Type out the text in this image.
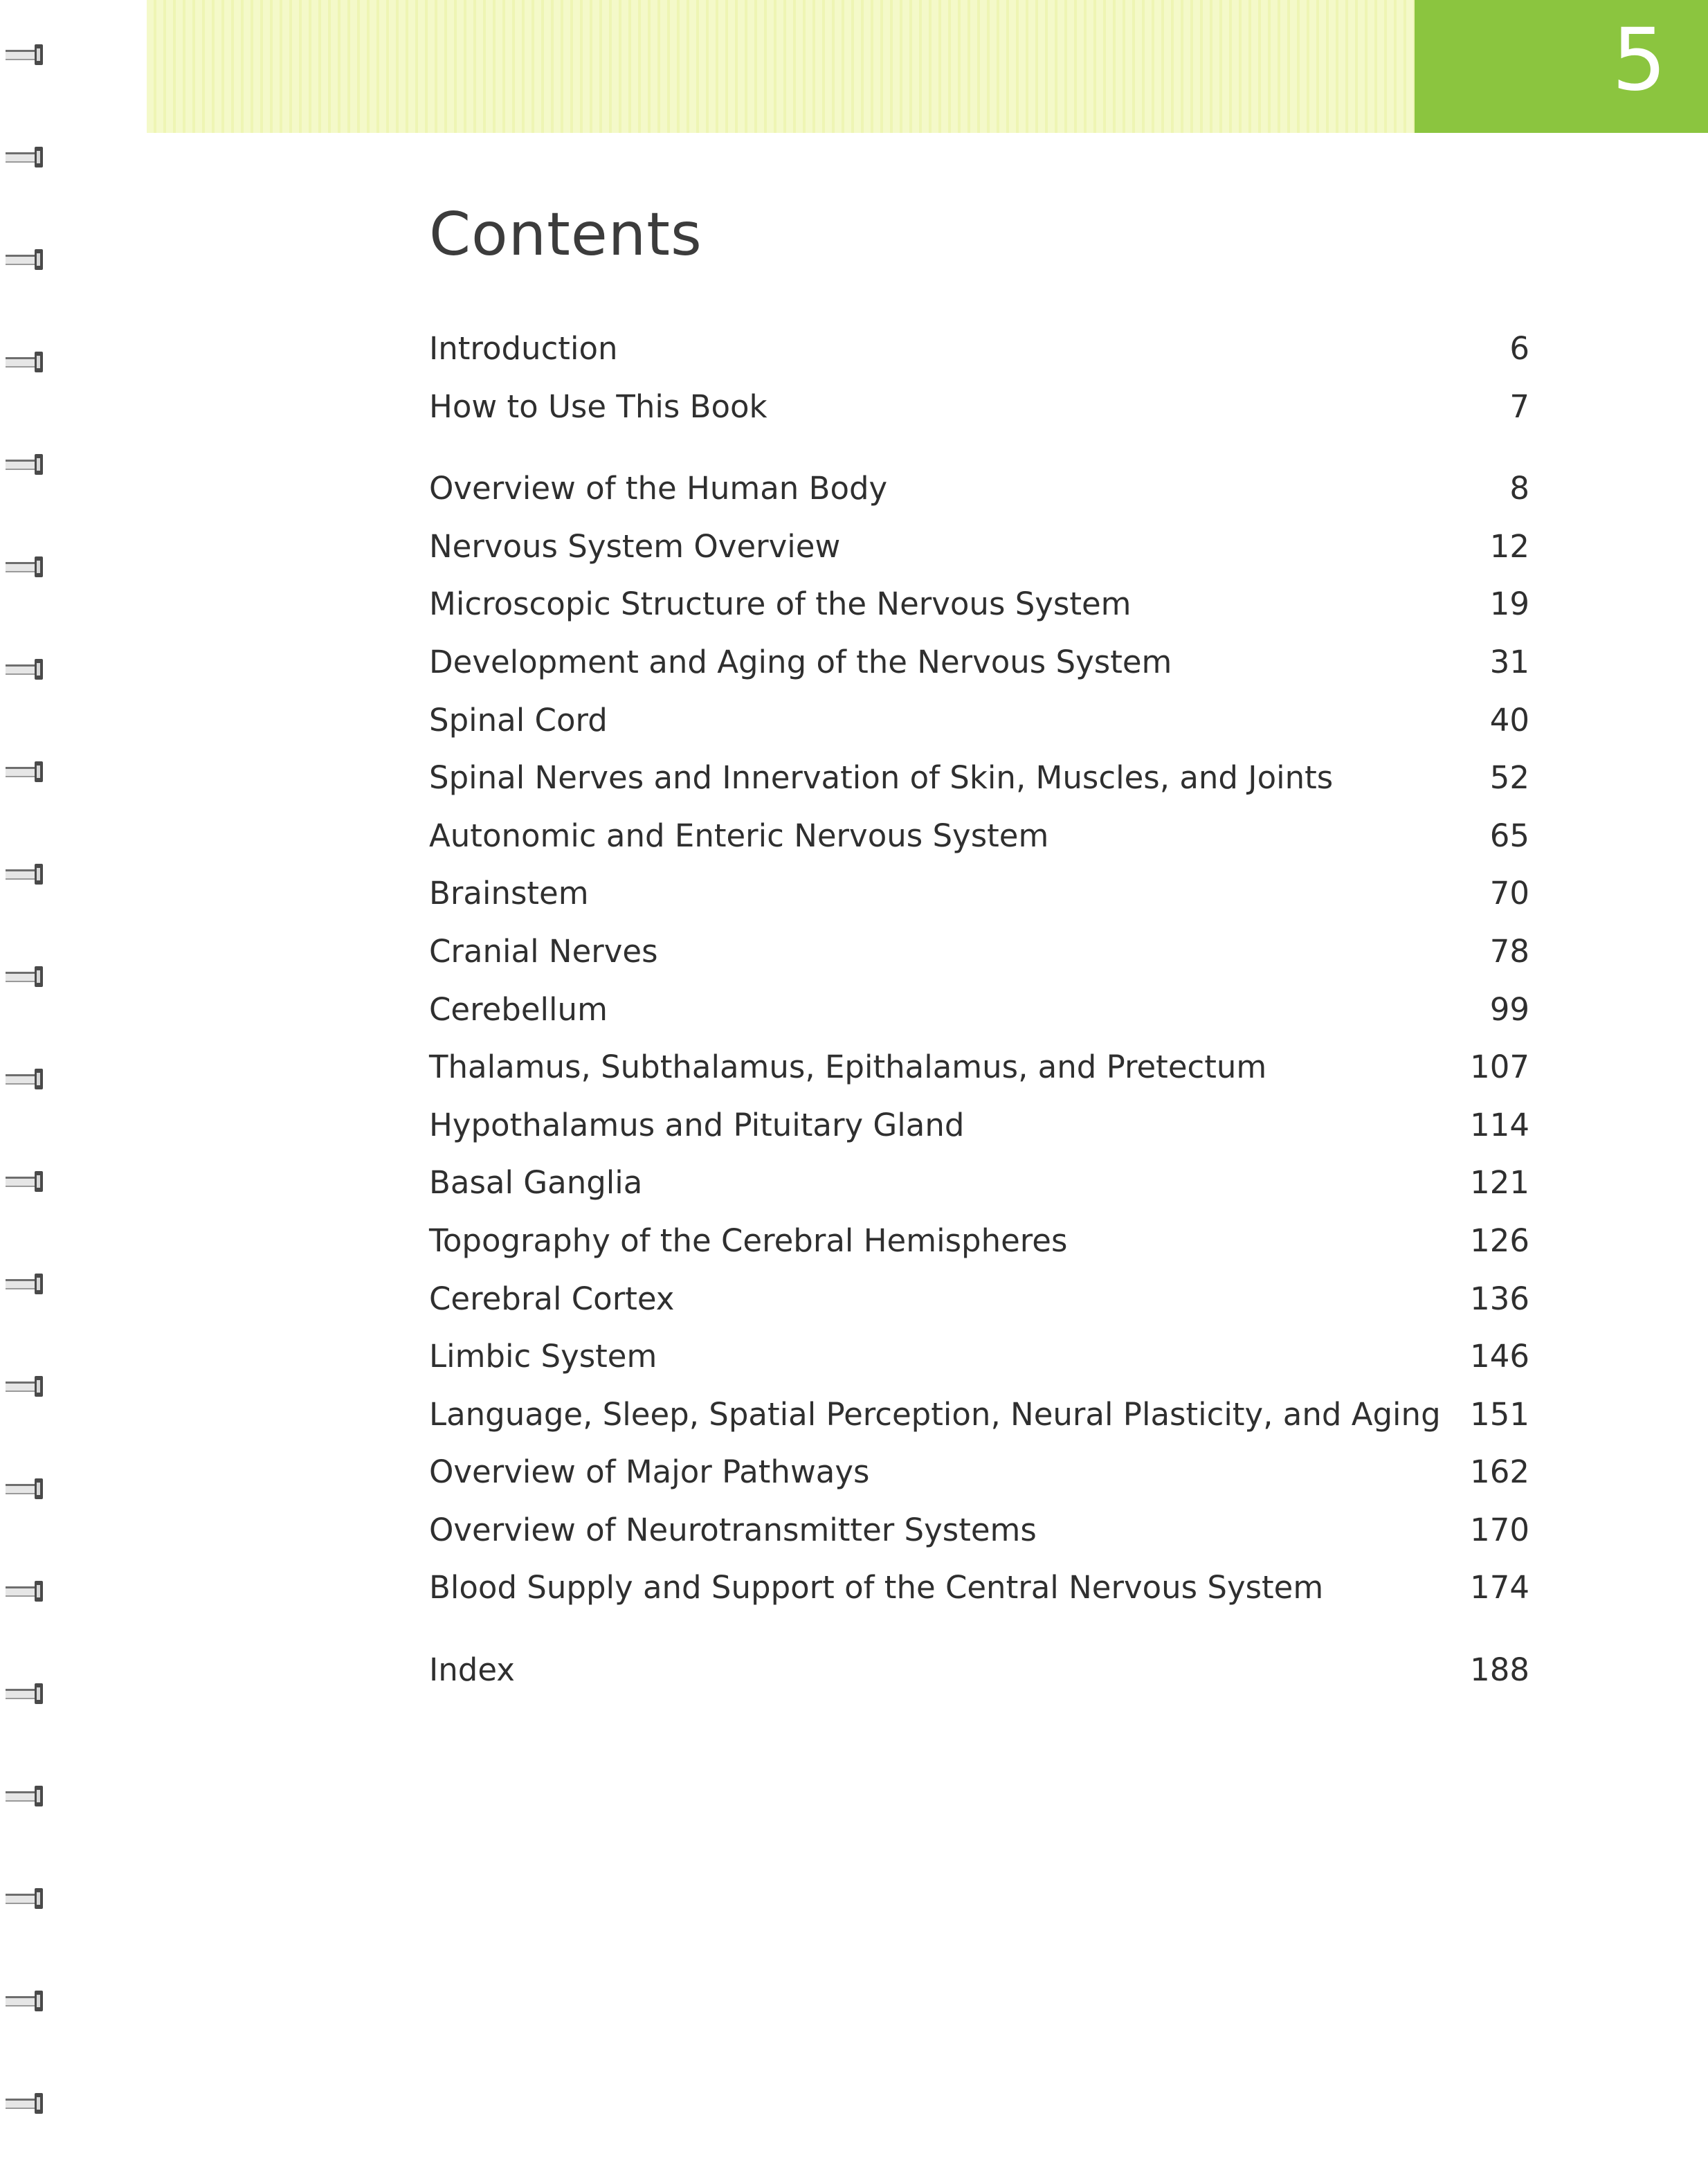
5
Contents
Introduction	6
How to Use This Book	7
Overview of the Human Body	8
Nervous System Overview	12
Microscopic Structure of the Nervous System	19
Development and Aging of the Nervous System	31
Spinal Cord	40
Spinal Nerves and Innervation of Skin, Muscles, and Joints	52
Autonomic and Enteric Nervous System	65
Brainstem	70
Cranial Nerves	78
Cerebellum	99
Thalamus, Subthalamus, Epithalamus, and Pretectum	107
Hypothalamus and Pituitary Gland	114
Basal Ganglia	121
Topography of the Cerebral Hemispheres	126
Cerebral Cortex	136
Limbic System	146
Language, Sleep, Spatial Perception, Neural Plasticity, and Aging 151
Overview of Major Pathways	162
Overview of Neurotransmitter Systems	170
Blood Supply and Support of the Central Nervous System	174
Index	188
